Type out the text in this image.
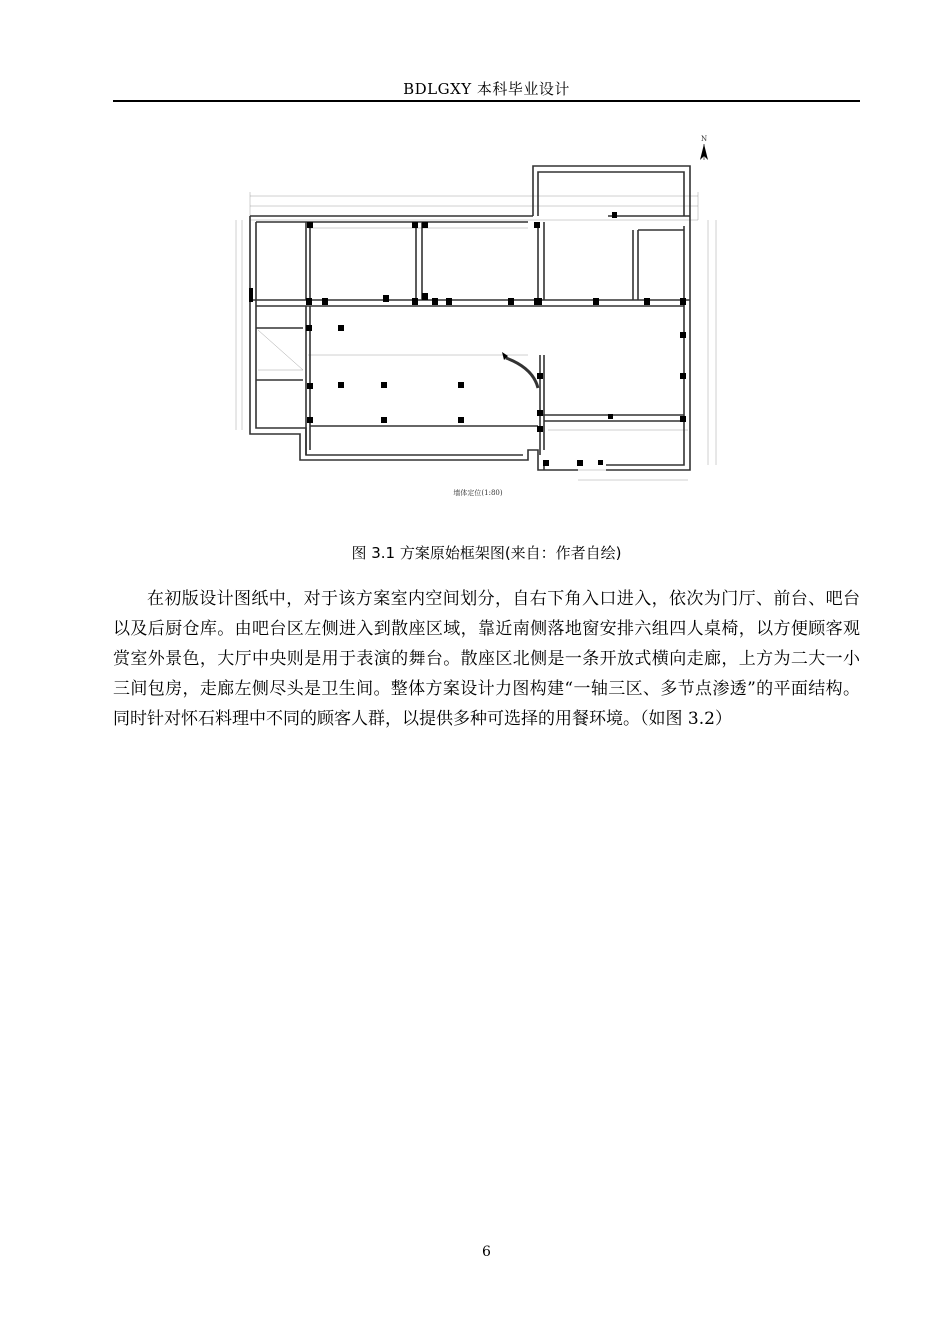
BDLGXY 本科毕业设计
N
墙体定位(1:80)
图 3.1 方案原始框架图(来自：作者自绘)

在初版设计图纸中，对于该方案室内空间划分，自右下角入口进入，依次为门厅、前台、吧台以及后厨仓库。由吧台区左侧进入到散座区域，靠近南侧落地窗安排六组四人桌椅，以方便顾客观赏室外景色，大厅中央则是用于表演的舞台。散座区北侧是一条开放式横向走廊，上方为二大一小三间包房，走廊左侧尽头是卫生间。整体方案设计力图构建“一轴三区、多节点渗透”的平面结构。同时针对怀石料理中不同的顾客人群，以提供多种可选择的用餐环境。（如图 3.2）

6
